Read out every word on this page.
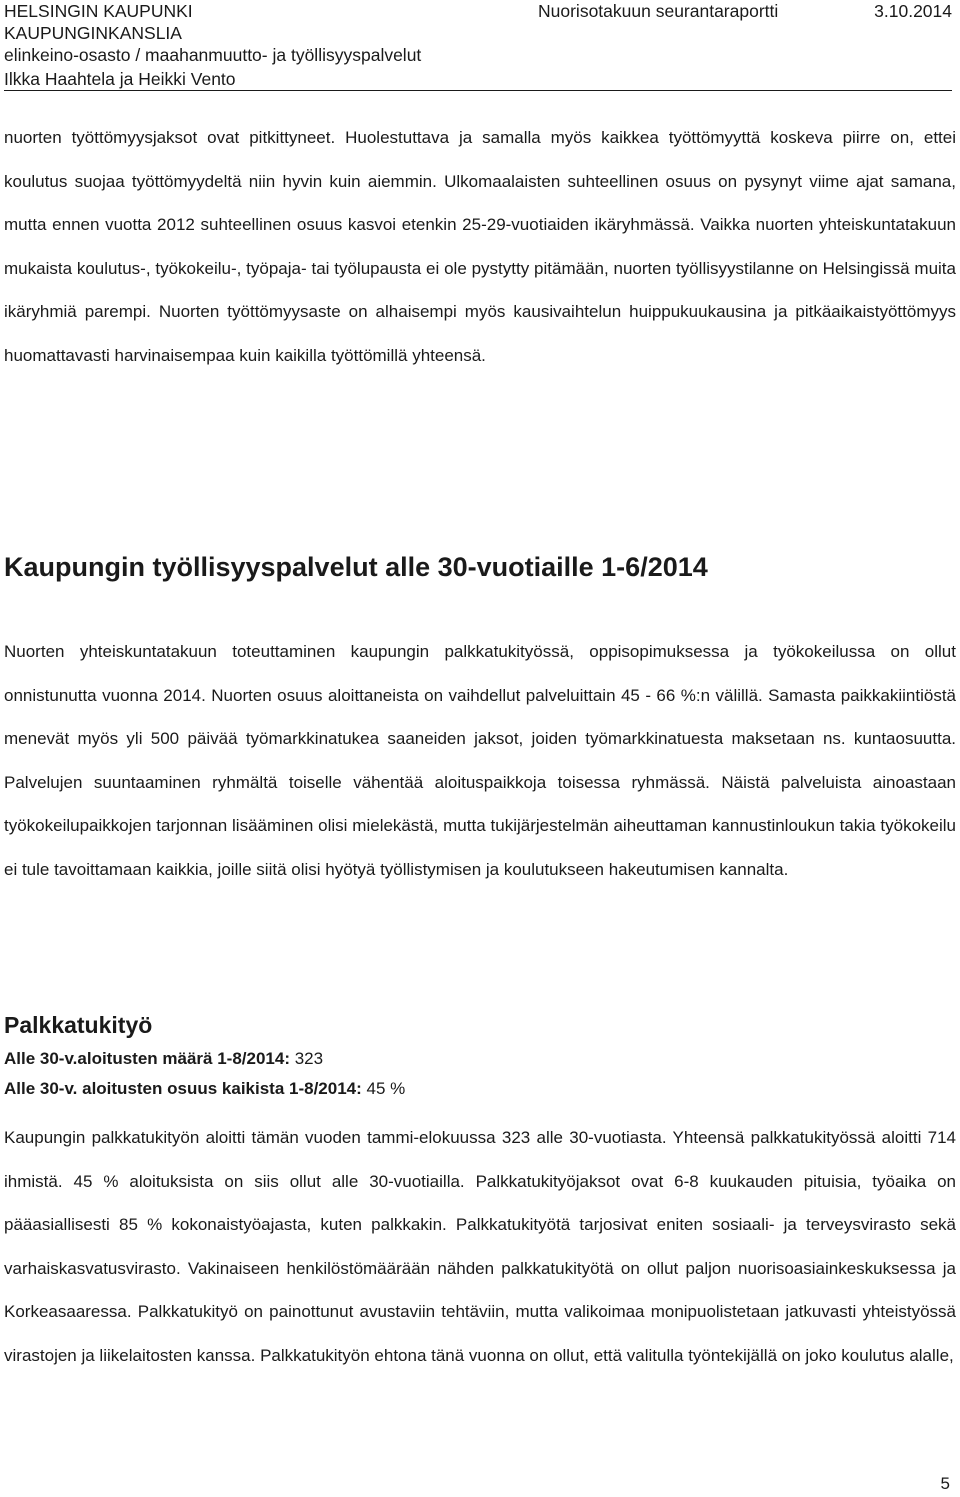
HELSINGIN KAUPUNKI
KAUPUNGINKANSLIA
elinkeino-osasto / maahanmuutto- ja työllisyyspalvelut
Ilkka Haahtela ja Heikki Vento
Nuorisotakuun seurantaraportti	3.10.2014

nuorten työttömyysjaksot ovat pitkittyneet. Huolestuttava ja samalla myös kaikkea työttömyyttä koskeva piirre on, ettei koulutus suojaa työttömyydeltä niin hyvin kuin aiemmin. Ulkomaalaisten suhteellinen osuus on pysynyt viime ajat samana, mutta ennen vuotta 2012 suhteellinen osuus kasvoi etenkin 25-29-vuotiaiden ikäryhmässä. Vaikka nuorten yhteiskuntatakuun mukaista koulutus-, työkokeilu-, työpaja- tai työlupausta ei ole pystytty pitämään, nuorten työllisyystilanne on Helsingissä muita ikäryhmiä parempi. Nuorten työttömyysaste on alhaisempi myös kausivaihtelun huippukuukausina ja pitkäaikaistyöttömyys huomattavasti harvinaisempaa kuin kaikilla työttömillä yhteensä.

Kaupungin työllisyyspalvelut alle 30-vuotiaille 1-6/2014

Nuorten yhteiskuntatakuun toteuttaminen kaupungin palkkatukityössä, oppisopimuksessa ja työkokeilussa on ollut onnistunutta vuonna 2014. Nuorten osuus aloittaneista on vaihdellut palveluittain 45 - 66 %:n välillä. Samasta paikkakiintiöstä menevät myös yli 500 päivää työmarkkinatukea saaneiden jaksot, joiden työmarkkinatuesta maksetaan ns. kuntaosuutta. Palvelujen suuntaaminen ryhmältä toiselle vähentää aloituspaikkoja toisessa ryhmässä. Näistä palveluista ainoastaan työkokeilupaikkojen tarjonnan lisääminen olisi mielekästä, mutta tukijärjestelmän aiheuttaman kannustinloukun takia työkokeilu ei tule tavoittamaan kaikkia, joille siitä olisi hyötyä työllistymisen ja koulutukseen hakeutumisen kannalta.

Palkkatukityö
Alle 30-v.aloitusten määrä 1-8/2014: 323
Alle 30-v. aloitusten osuus kaikista 1-8/2014: 45 %

Kaupungin palkkatukityön aloitti tämän vuoden tammi-elokuussa 323 alle 30-vuotiasta. Yhteensä palkkatukityössä aloitti 714 ihmistä. 45 % aloituksista on siis ollut alle 30-vuotiailla. Palkkatukityöjaksot ovat 6-8 kuukauden pituisia, työaika on pääasiallisesti 85 % kokonaistyöajasta, kuten palkkakin. Palkkatukityötä tarjosivat eniten sosiaali- ja terveysvirasto sekä varhaiskasvatusvirasto. Vakinaiseen henkilöstömäärään nähden palkkatukityötä on ollut paljon nuorisoasiainkeskuksessa ja Korkeasaaressa. Palkkatukityö on painottunut avustaviin tehtäviin, mutta valikoimaa monipuolistetaan jatkuvasti yhteistyössä virastojen ja liikelaitosten kanssa. Palkkatukityön ehtona tänä vuonna on ollut, että valitulla työntekijällä on joko koulutus alalle,

5
